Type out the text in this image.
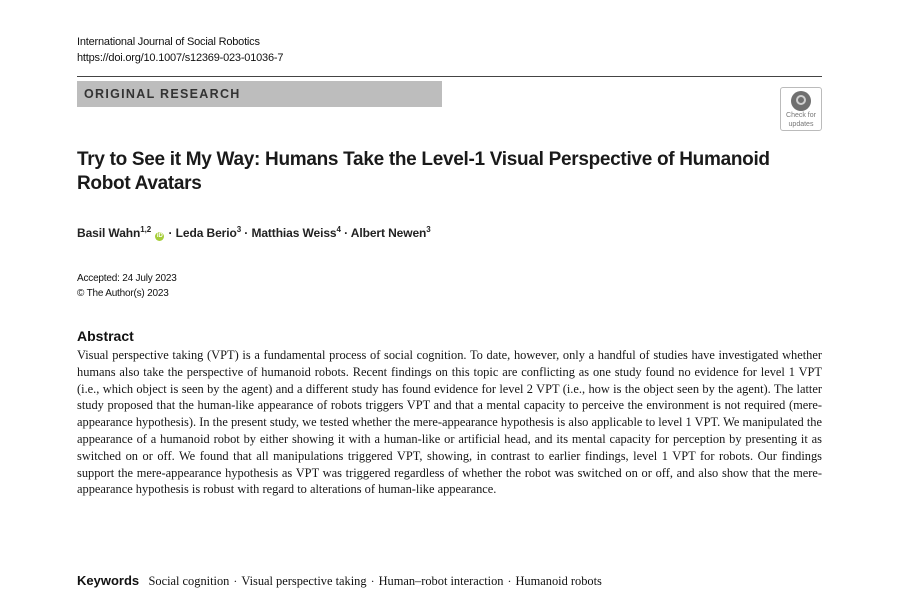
International Journal of Social Robotics
https://doi.org/10.1007/s12369-023-01036-7
ORIGINAL RESEARCH
Check for
updates
Try to See it My Way: Humans Take the Level-1 Visual Perspective of Humanoid Robot Avatars
Basil Wahn$^{1,2}$ iD · Leda Berio$^3$ · Matthias Weiss$^4$ · Albert Newen$^3$
Accepted: 24 July 2023
© The Author(s) 2023
Abstract
Visual perspective taking (VPT) is a fundamental process of social cognition. To date, however, only a handful of studies have investigated whether humans also take the perspective of humanoid robots. Recent findings on this topic are conflicting as one study found no evidence for level 1 VPT (i.e., which object is seen by the agent) and a different study has found evidence for level 2 VPT (i.e., how is the object seen by the agent). The latter study proposed that the human-like appearance of robots triggers VPT and that a mental capacity to perceive the environment is not required (mere-appearance hypothesis). In the present study, we tested whether the mere-appearance hypothesis is also applicable to level 1 VPT. We manipulated the appearance of a humanoid robot by either showing it with a human-like or artificial head, and its mental capacity for perception by presenting it as switched on or off. We found that all manipulations triggered VPT, showing, in contrast to earlier findings, level 1 VPT for robots. Our findings support the mere-appearance hypothesis as VPT was triggered regardless of whether the robot was switched on or off, and also show that the mere-appearance hypothesis is robust with regard to alterations of human-like appearance.
Keywords Social cognition · Visual perspective taking · Human–robot interaction · Humanoid robots
